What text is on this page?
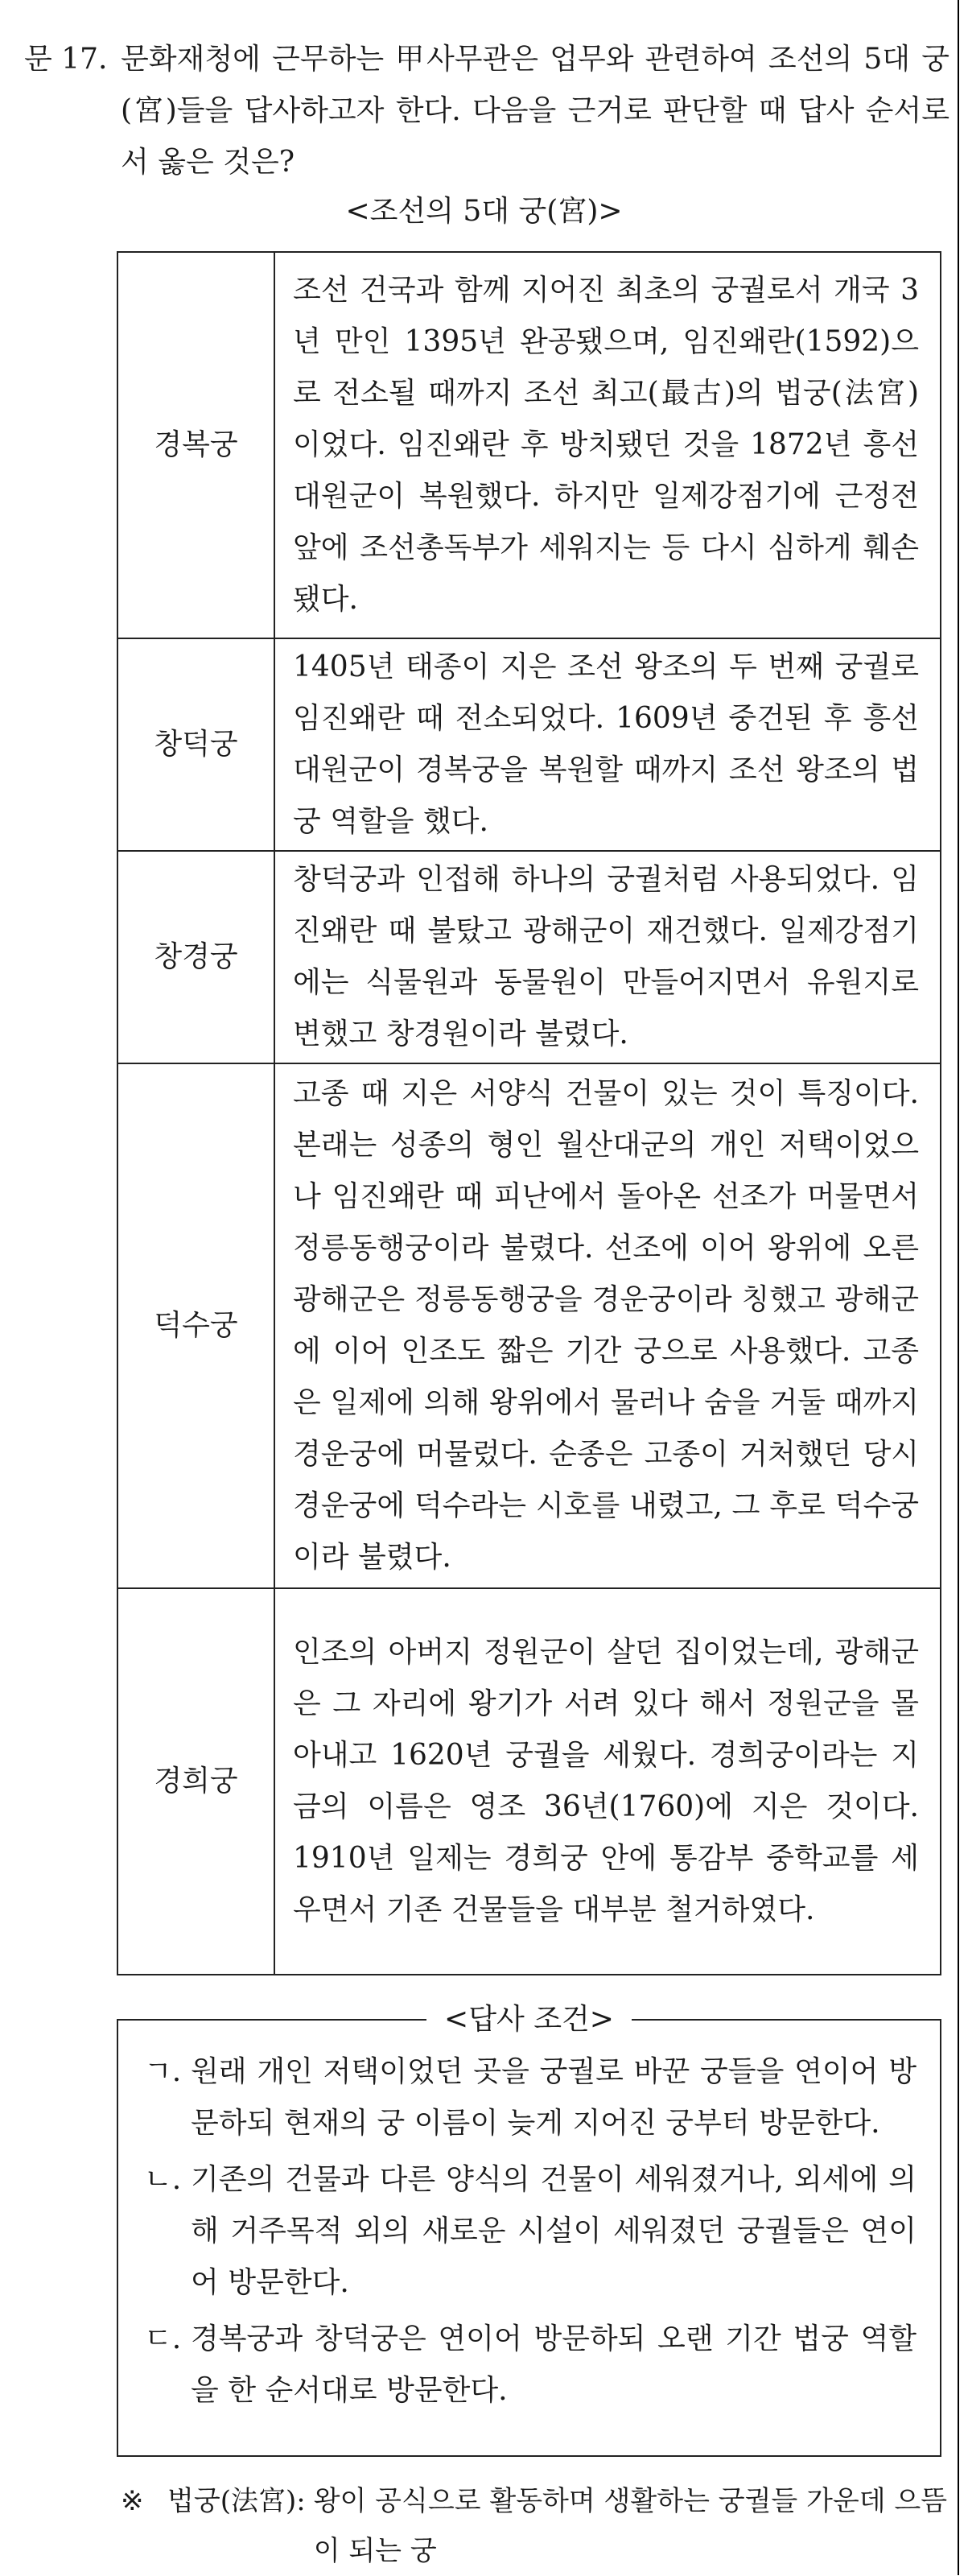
문 17. 문화재청에 근무하는 甲사무관은 업무와 관련하여 조선의 5대 궁(宮)들을 답사하고자 한다. 다음을 근거로 판단할 때 답사 순서로서 옳은 것은?
<조선의 5대 궁(宮)>
경복궁	조선 건국과 함께 지어진 최초의 궁궐로서 개국 3년 만인 1395년 완공됐으며, 임진왜란(1592)으로 전소될 때까지 조선 최고(最古)의 법궁(法宮)이었다. 임진왜란 후 방치됐던 것을 1872년 흥선대원군이 복원했다. 하지만 일제강점기에 근정전 앞에 조선총독부가 세워지는 등 다시 심하게 훼손됐다.
창덕궁	1405년 태종이 지은 조선 왕조의 두 번째 궁궐로 임진왜란 때 전소되었다. 1609년 중건된 후 흥선대원군이 경복궁을 복원할 때까지 조선 왕조의 법궁 역할을 했다.
창경궁	창덕궁과 인접해 하나의 궁궐처럼 사용되었다. 임진왜란 때 불탔고 광해군이 재건했다. 일제강점기에는 식물원과 동물원이 만들어지면서 유원지로 변했고 창경원이라 불렸다.
덕수궁	고종 때 지은 서양식 건물이 있는 것이 특징이다. 본래는 성종의 형인 월산대군의 개인 저택이었으나 임진왜란 때 피난에서 돌아온 선조가 머물면서 정릉동행궁이라 불렸다. 선조에 이어 왕위에 오른 광해군은 정릉동행궁을 경운궁이라 칭했고 광해군에 이어 인조도 짧은 기간 궁으로 사용했다. 고종은 일제에 의해 왕위에서 물러나 숨을 거둘 때까지 경운궁에 머물렀다. 순종은 고종이 거처했던 당시 경운궁에 덕수라는 시호를 내렸고, 그 후로 덕수궁이라 불렸다.
경희궁	인조의 아버지 정원군이 살던 집이었는데, 광해군은 그 자리에 왕기가 서려 있다 해서 정원군을 몰아내고 1620년 궁궐을 세웠다. 경희궁이라는 지금의 이름은 영조 36년(1760)에 지은 것이다. 1910년 일제는 경희궁 안에 통감부 중학교를 세우면서 기존 건물들을 대부분 철거하였다.
<답사 조건>
ㄱ. 원래 개인 저택이었던 곳을 궁궐로 바꾼 궁들을 연이어 방문하되 현재의 궁 이름이 늦게 지어진 궁부터 방문한다.
ㄴ. 기존의 건물과 다른 양식의 건물이 세워졌거나, 외세에 의해 거주목적 외의 새로운 시설이 세워졌던 궁궐들은 연이어 방문한다.
ㄷ. 경복궁과 창덕궁은 연이어 방문하되 오랜 기간 법궁 역할을 한 순서대로 방문한다.
※ 법궁(法宮): 왕이 공식으로 활동하며 생활하는 궁궐들 가운데 으뜸이 되는 궁
